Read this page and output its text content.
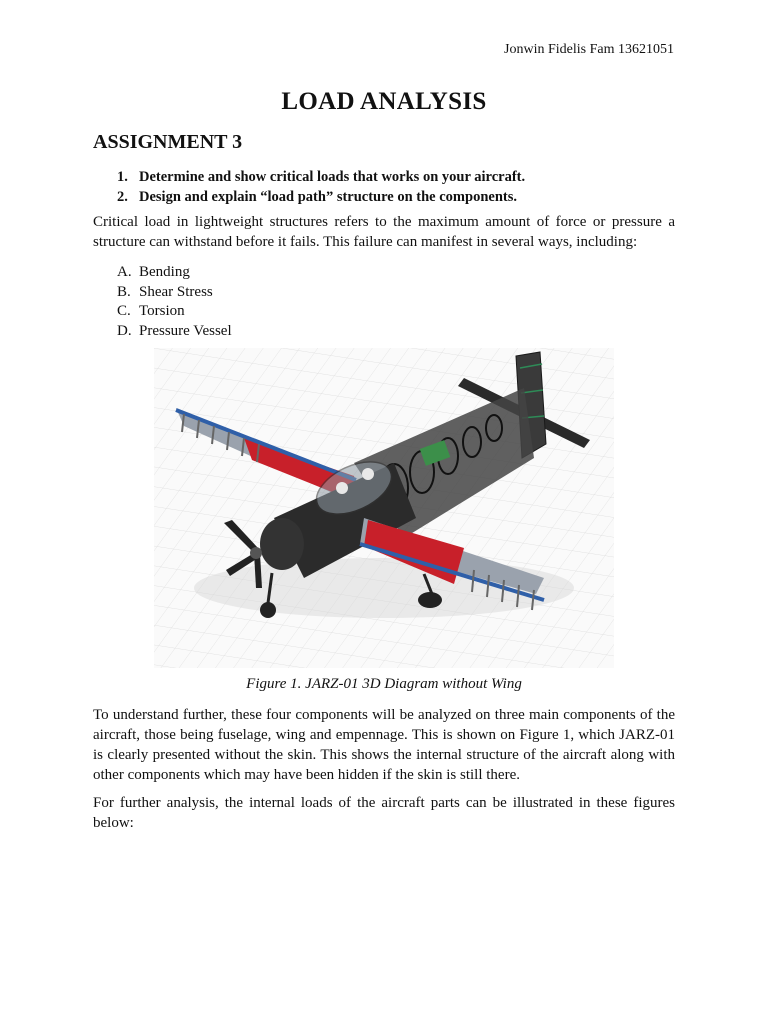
Jonwin Fidelis Fam 13621051
LOAD ANALYSIS
ASSIGNMENT 3
1. Determine and show critical loads that works on your aircraft.
2. Design and explain “load path” structure on the components.

Critical load in lightweight structures refers to the maximum amount of force or pressure a structure can withstand before it fails. This failure can manifest in several ways, including:

A. Bending
B. Shear Stress
C. Torsion
D. Pressure Vessel
Figure 1. JARZ-01 3D Diagram without Wing

To understand further, these four components will be analyzed on three main components of the aircraft, those being fuselage, wing and empennage. This is shown on Figure 1, which JARZ-01 is clearly presented without the skin. This shows the internal structure of the aircraft along with other components which may have been hidden if the skin is still there.

For further analysis, the internal loads of the aircraft parts can be illustrated in these figures below:
